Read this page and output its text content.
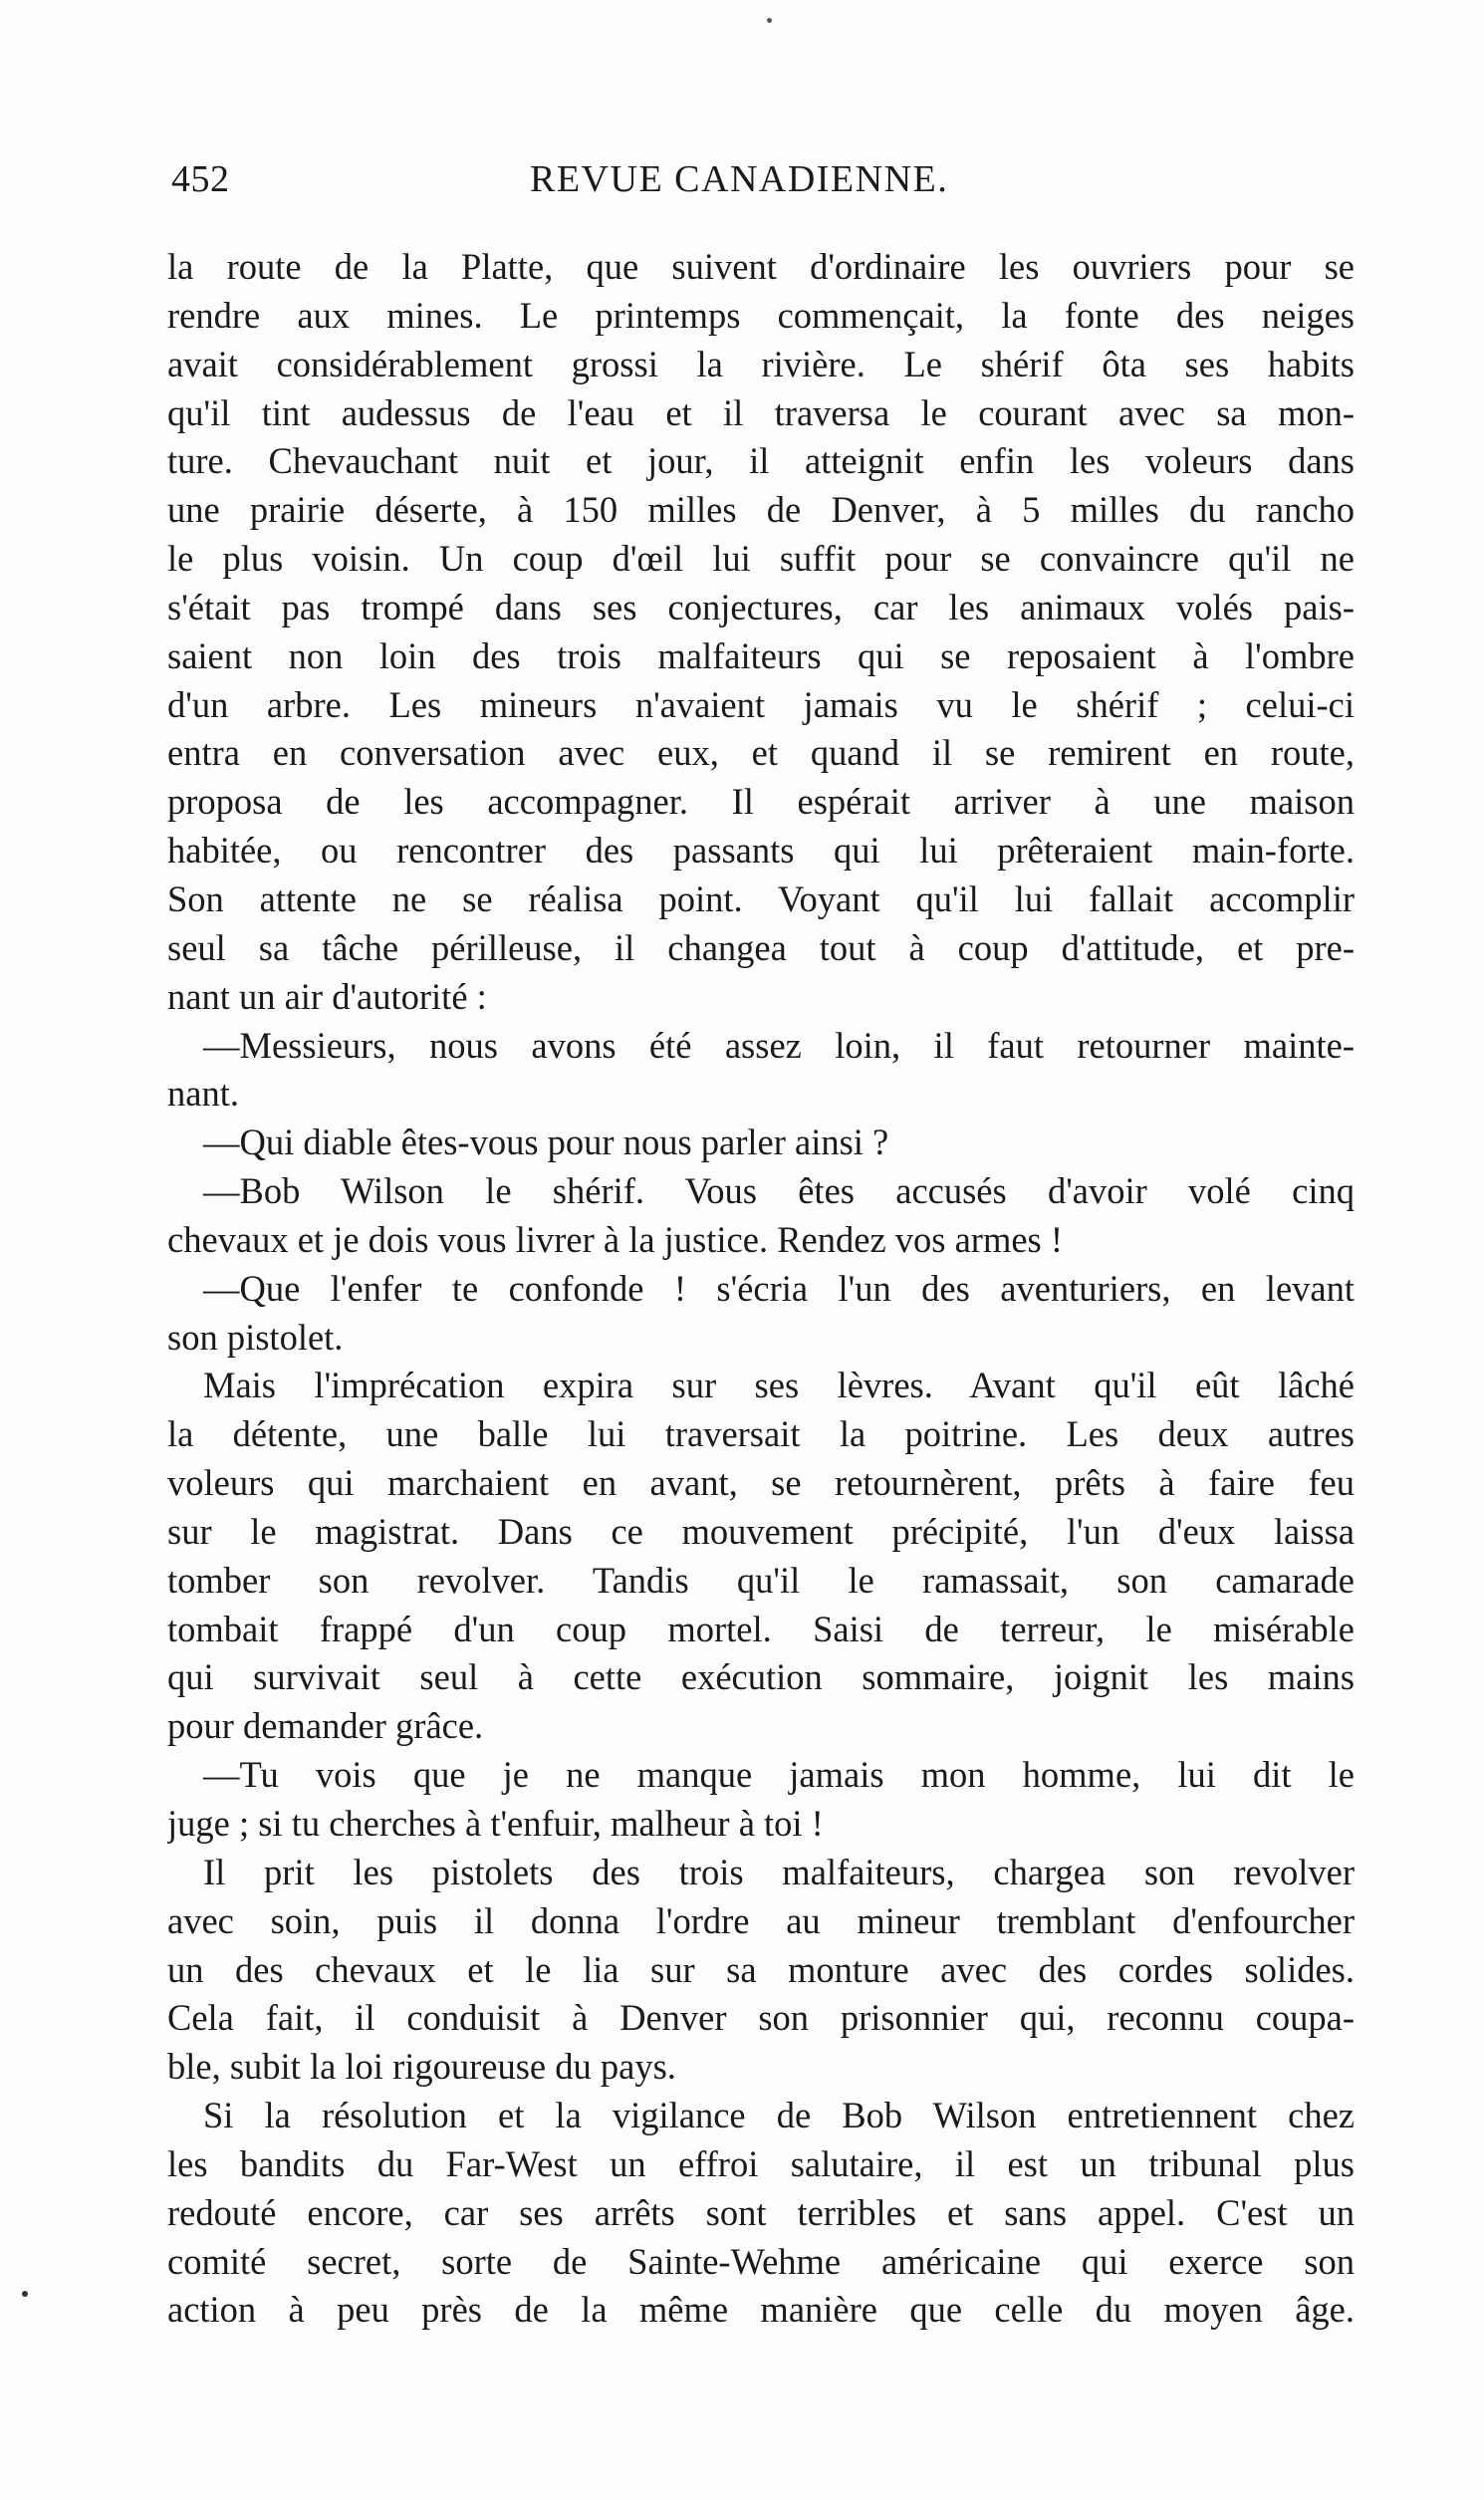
452	REVUE CANADIENNE.
la route de la Platte, que suivent d'ordinaire les ouvriers pour se
rendre aux mines. Le printemps commençait, la fonte des neiges
avait considérablement grossi la rivière. Le shérif ôta ses habits
qu'il tint audessus de l'eau et il traversa le courant avec sa mon-
ture. Chevauchant nuit et jour, il atteignit enfin les voleurs dans
une prairie déserte, à 150 milles de Denver, à 5 milles du rancho
le plus voisin. Un coup d'œil lui suffit pour se convaincre qu'il ne
s'était pas trompé dans ses conjectures, car les animaux volés pais-
saient non loin des trois malfaiteurs qui se reposaient à l'ombre
d'un arbre. Les mineurs n'avaient jamais vu le shérif ; celui-ci
entra en conversation avec eux, et quand il se remirent en route,
proposa de les accompagner. Il espérait arriver à une maison
habitée, ou rencontrer des passants qui lui prêteraient main-forte.
Son attente ne se réalisa point. Voyant qu'il lui fallait accomplir
seul sa tâche périlleuse, il changea tout à coup d'attitude, et pre-
nant un air d'autorité :
—Messieurs, nous avons été assez loin, il faut retourner mainte-
nant.
—Qui diable êtes-vous pour nous parler ainsi ?
—Bob Wilson le shérif. Vous êtes accusés d'avoir volé cinq
chevaux et je dois vous livrer à la justice. Rendez vos armes !
—Que l'enfer te confonde ! s'écria l'un des aventuriers, en levant
son pistolet.
Mais l'imprécation expira sur ses lèvres. Avant qu'il eût lâché
la détente, une balle lui traversait la poitrine. Les deux autres
voleurs qui marchaient en avant, se retournèrent, prêts à faire feu
sur le magistrat. Dans ce mouvement précipité, l'un d'eux laissa
tomber son revolver. Tandis qu'il le ramassait, son camarade
tombait frappé d'un coup mortel. Saisi de terreur, le misérable
qui survivait seul à cette exécution sommaire, joignit les mains
pour demander grâce.
—Tu vois que je ne manque jamais mon homme, lui dit le
juge ; si tu cherches à t'enfuir, malheur à toi !
Il prit les pistolets des trois malfaiteurs, chargea son revolver
avec soin, puis il donna l'ordre au mineur tremblant d'enfourcher
un des chevaux et le lia sur sa monture avec des cordes solides.
Cela fait, il conduisit à Denver son prisonnier qui, reconnu coupa-
ble, subit la loi rigoureuse du pays.
Si la résolution et la vigilance de Bob Wilson entretiennent chez
les bandits du Far-West un effroi salutaire, il est un tribunal plus
redouté encore, car ses arrêts sont terribles et sans appel. C'est un
comité secret, sorte de Sainte-Wehme américaine qui exerce son
action à peu près de la même manière que celle du moyen âge.
